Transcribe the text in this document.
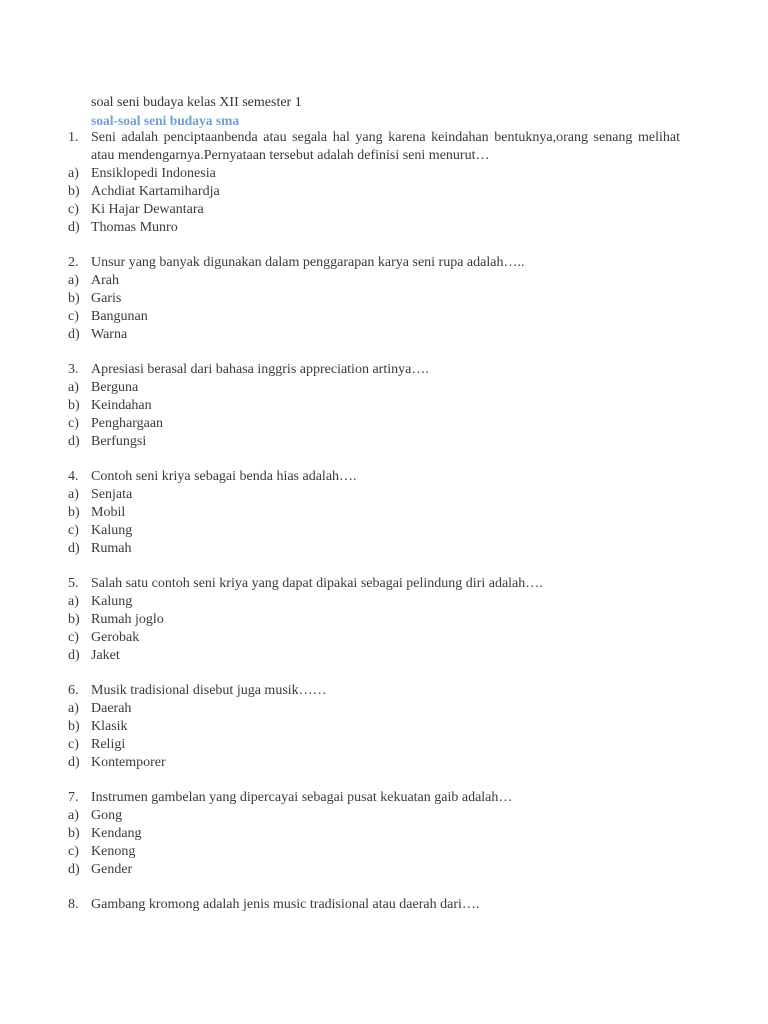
soal seni budaya kelas XII semester 1
soal-soal seni budaya sma
1. Seni adalah penciptaanbenda atau segala hal yang karena keindahan bentuknya,orang senang melihat atau mendengarnya.Pernyataan tersebut adalah definisi seni menurut…
a) Ensiklopedi Indonesia
b) Achdiat Kartamihardja
c) Ki Hajar Dewantara
d) Thomas Munro
2. Unsur yang banyak digunakan dalam penggarapan karya seni rupa adalah…..
a) Arah
b) Garis
c) Bangunan
d) Warna
3. Apresiasi berasal dari bahasa inggris appreciation artinya….
a) Berguna
b) Keindahan
c) Penghargaan
d) Berfungsi
4. Contoh seni kriya sebagai benda hias adalah….
a) Senjata
b) Mobil
c) Kalung
d) Rumah
5. Salah satu contoh seni kriya yang dapat dipakai sebagai pelindung diri adalah….
a) Kalung
b) Rumah joglo
c) Gerobak
d) Jaket
6. Musik tradisional disebut juga musik……
a) Daerah
b) Klasik
c) Religi
d) Kontemporer
7. Instrumen gambelan yang dipercayai sebagai pusat kekuatan gaib adalah…
a) Gong
b) Kendang
c) Kenong
d) Gender
8. Gambang kromong adalah jenis music tradisional atau daerah dari….
